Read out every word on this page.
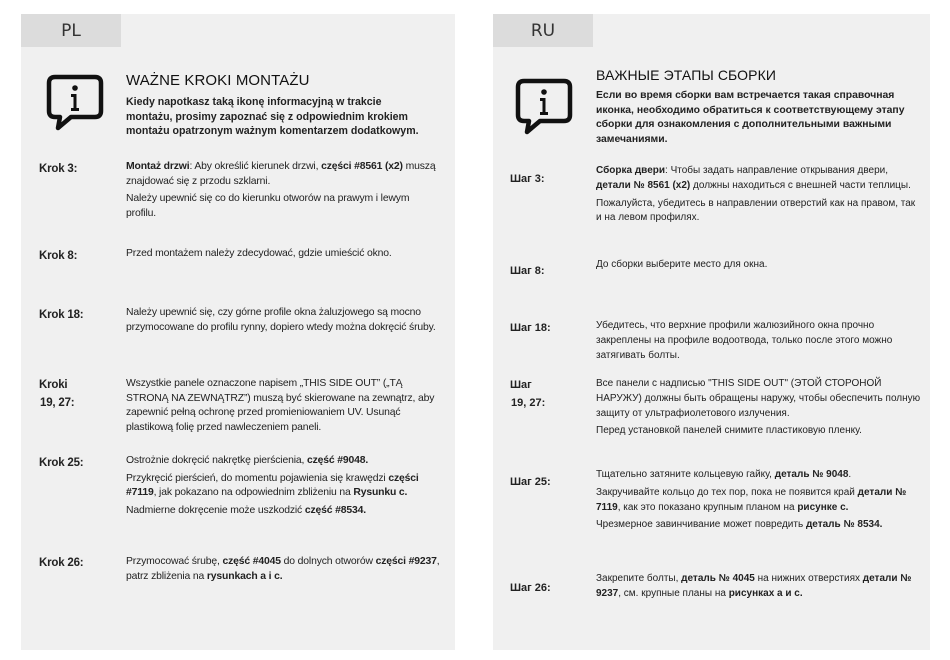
PL
WAŻNE KROKI MONTAŻU
Kiedy napotkasz taką ikonę informacyjną w trakcie montażu, prosimy zapoznać się z odpowiednim krokiem montażu opatrzonym ważnym komentarzem dodatkowym.
Krok 3:	Montaż drzwi: Aby określić kierunek drzwi, części #8561 (x2) muszą znajdować się z przodu szklarni.

Należy upewnić się co do kierunku otworów na prawym i lewym profilu.

Krok 8:	Przed montażem należy zdecydować, gdzie umieścić okno.

Krok 18:	Należy upewnić się, czy górne profile okna żaluzjowego są mocno przymocowane do profilu rynny, dopiero wtedy można dokręcić śruby.

Kroki
19, 27:

Wszystkie panele oznaczone napisem „THIS SIDE OUT” („TĄ STRONĄ NA ZEWNĄTRZ”) muszą być skierowane na zewnątrz, aby zapewnić pełną ochronę przed promieniowaniem UV. Usunąć plastikową folię przed nawleczeniem paneli.

Krok 25:	Ostrożnie dokręcić nakrętkę pierścienia, część #9048.

Przykręcić pierścień, do momentu pojawienia się krawędzi części #7119, jak pokazano na odpowiednim zbliżeniu na Rysunku c.

Nadmierne dokręcenie może uszkodzić część #8534.

Krok 26:	Przymocować śrubę, część #4045 do dolnych otworów części #9237, patrz zbliżenia na rysunkach a i c.

RU
ВАЖНЫЕ ЭТАПЫ СБОРКИ
Если во время сборки вам встречается такая справочная иконка, необходимо обратиться к соответствующему этапу сборки для ознакомления с дополнительными важными замечаниями.
Шаг 3:

Сборка двери: Чтобы задать направление открывания двери, детали № 8561 (x2) должны находиться с внешней части теплицы.

Пожалуйста, убедитесь в направлении отверстий как на правом, так и на левом профилях.

Шаг 8:

До сборки выберите место для окна.

Шаг 18:	Убедитесь, что верхние профили жалюзийного окна прочно закреплены на профиле водоотвода, только после этого можно затягивать болты.

Шаг
19, 27:

Все панели с надписью "THIS SIDE OUT" (ЭТОЙ СТОРОНОЙ НАРУЖУ) должны быть обращены наружу, чтобы обеспечить полную защиту от ультрафиолетового излучения.

Перед установкой панелей снимите пластиковую пленку.

Шаг 25:

Тщательно затяните кольцевую гайку, деталь № 9048.

Закручивайте кольцо до тех пор, пока не появится край детали № 7119, как это показано крупным планом на рисунке с.

Чрезмерное завинчивание может повредить деталь № 8534.

Шаг 26:

Закрепите болты, деталь № 4045 на нижних отверстиях детали № 9237, см. крупные планы на рисунках а и с.
